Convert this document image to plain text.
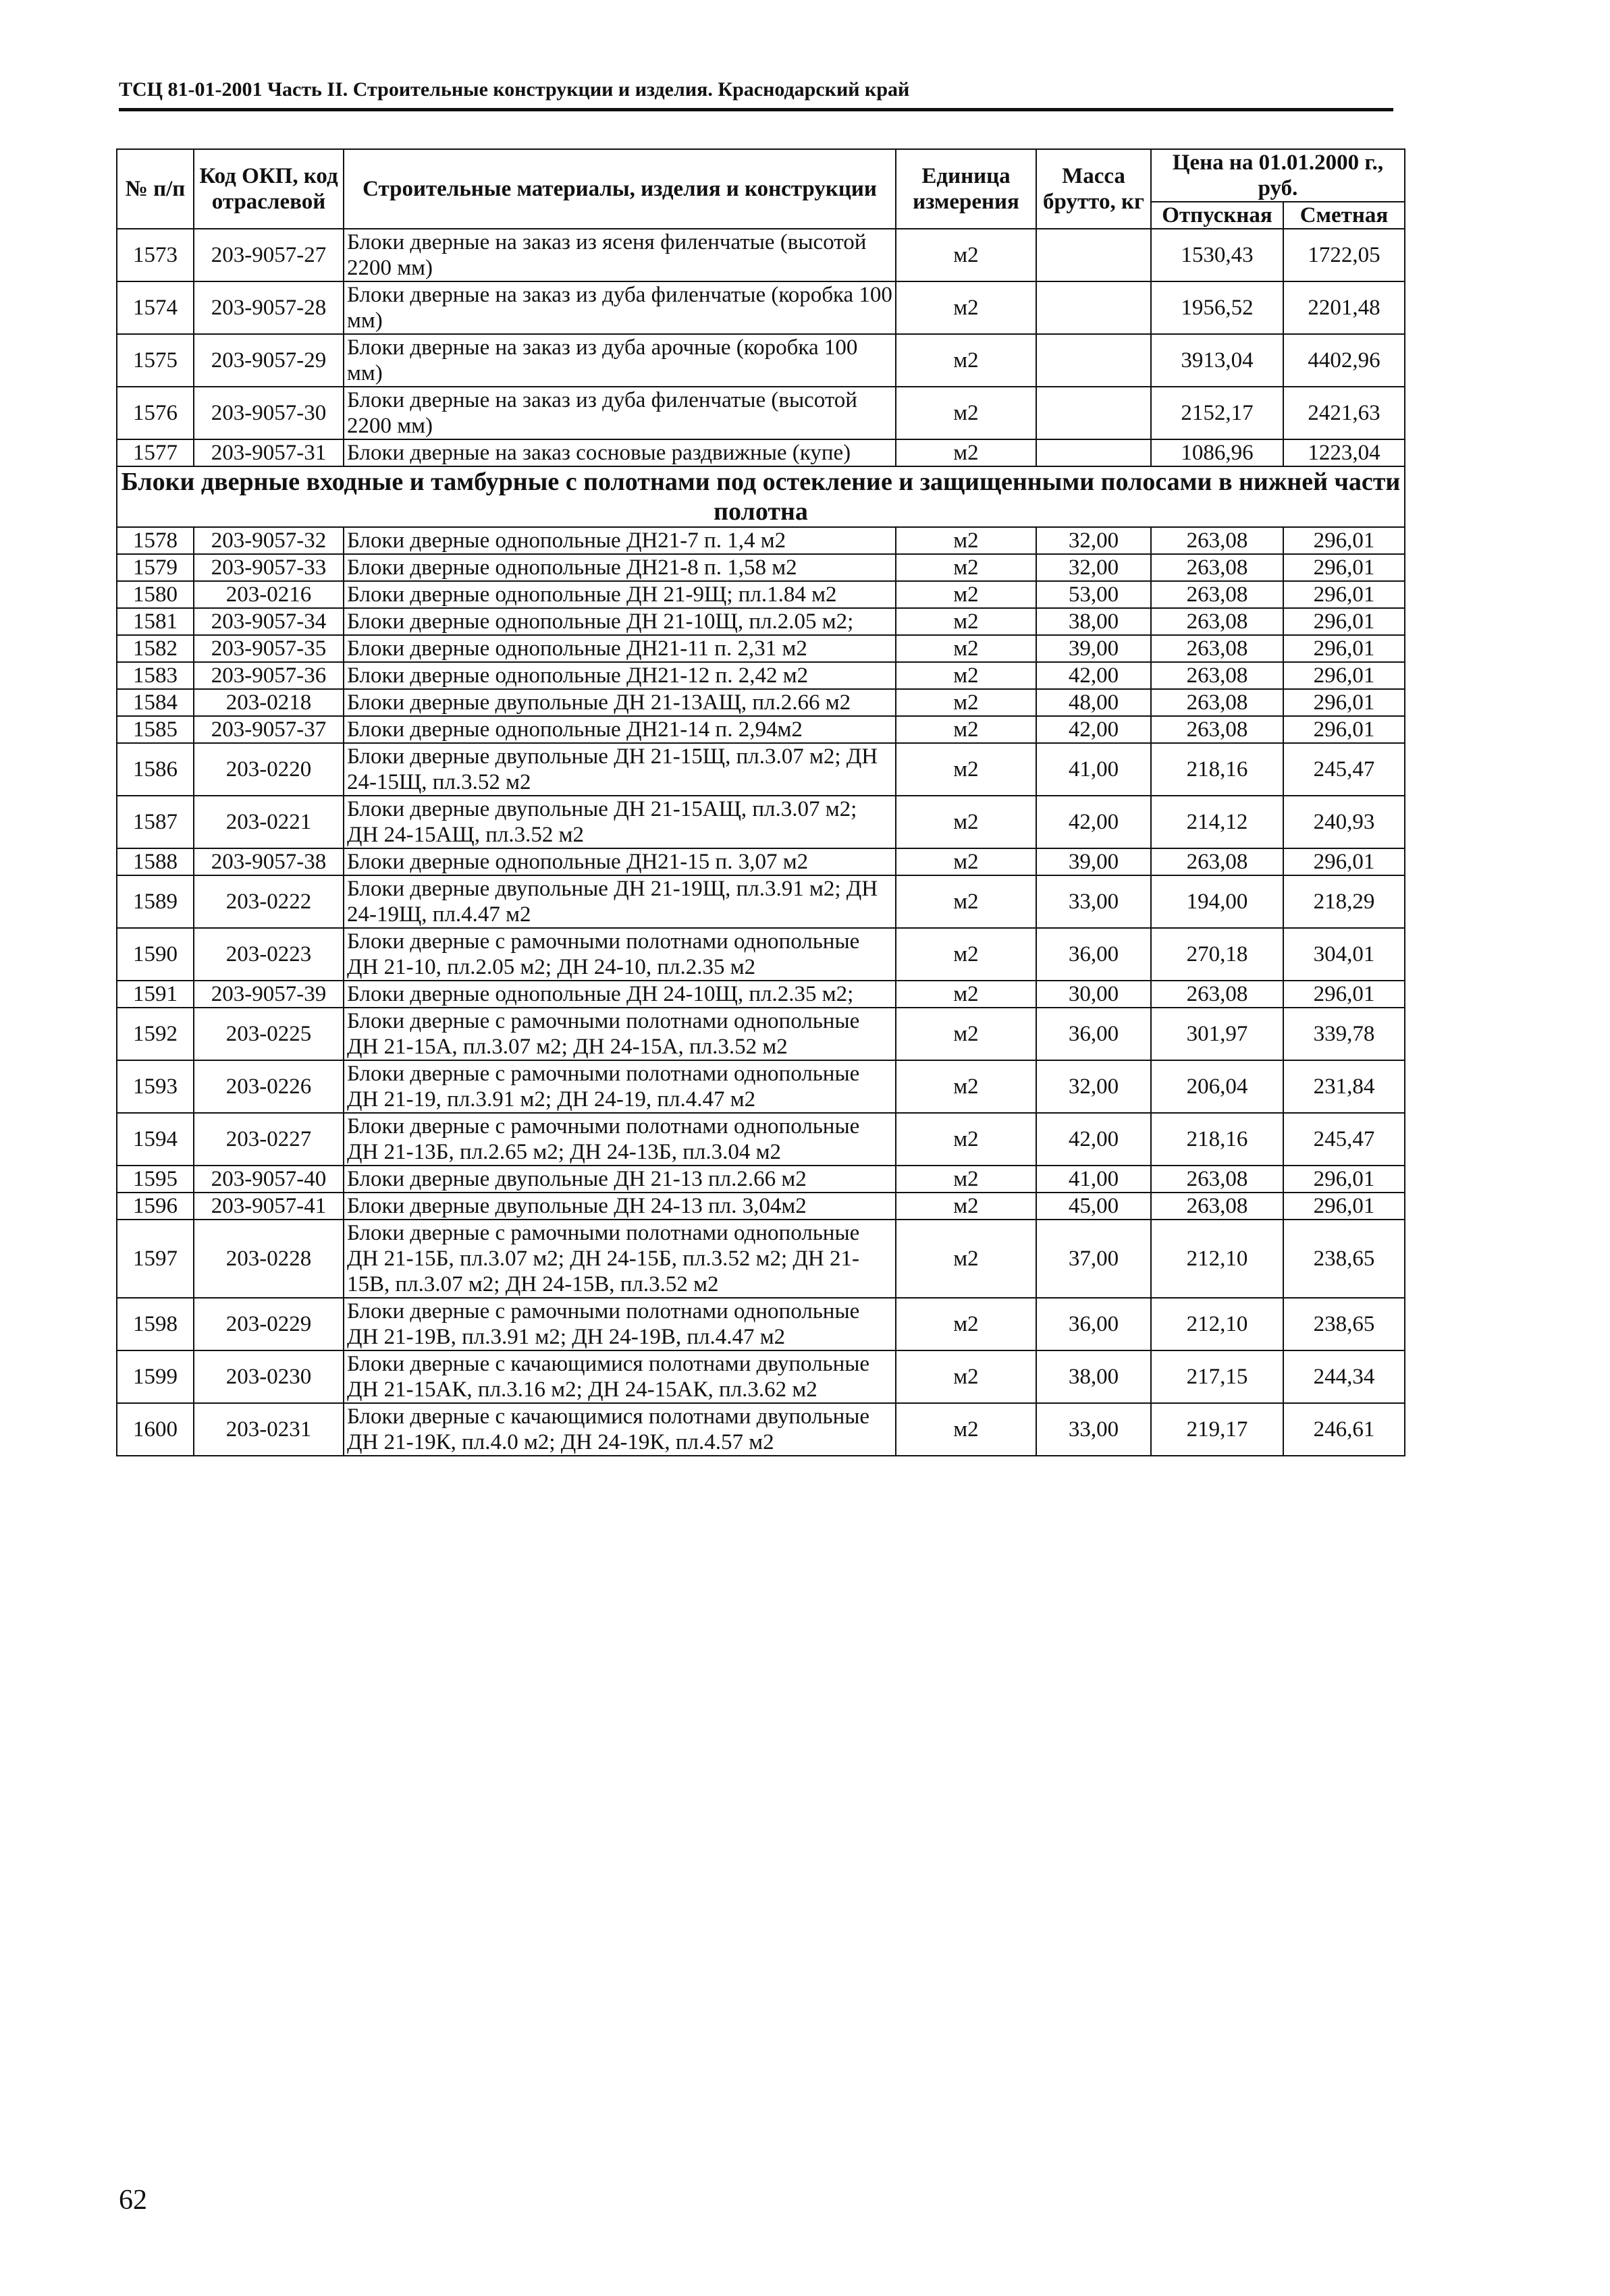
ТСЦ 81-01-2001 Часть II. Строительные конструкции и изделия. Краснодарский край
№ п/п	Код ОКП, код отраслевой	Строительные материалы, изделия и конструкции	Единица измерения	Масса брутто, кг	Цена на 01.01.2000 г., руб.	
					Отпускная	Сметная
1573	203-9057-27	Блоки дверные на заказ из ясеня филенчатые (высотой 2200 мм)	м2		1530,43	1722,05
1574	203-9057-28	Блоки дверные на заказ из дуба филенчатые (коробка 100 мм)	м2		1956,52	2201,48
1575	203-9057-29	Блоки дверные на заказ из дуба арочные (коробка 100 мм)	м2		3913,04	4402,96
1576	203-9057-30	Блоки дверные на заказ из дуба филенчатые (высотой 2200 мм)	м2		2152,17	2421,63
1577	203-9057-31	Блоки дверные на заказ сосновые раздвижные (купе)	м2		1086,96	1223,04
Блоки дверные входные и тамбурные с полотнами под остекление и защищенными полосами в нижней части полотна						
1578	203-9057-32	Блоки дверные однопольные ДН21-7 п. 1,4 м2	м2	32,00	263,08	296,01
1579	203-9057-33	Блоки дверные однопольные ДН21-8 п. 1,58 м2	м2	32,00	263,08	296,01
1580	203-0216	Блоки дверные однопольные ДН 21-9Щ; пл.1.84 м2	м2	53,00	263,08	296,01
1581	203-9057-34	Блоки дверные однопольные ДН 21-10Щ, пл.2.05 м2;	м2	38,00	263,08	296,01
1582	203-9057-35	Блоки дверные однопольные ДН21-11 п. 2,31 м2	м2	39,00	263,08	296,01
1583	203-9057-36	Блоки дверные однопольные ДН21-12 п. 2,42 м2	м2	42,00	263,08	296,01
1584	203-0218	Блоки дверные двупольные ДН 21-13АЩ, пл.2.66 м2	м2	48,00	263,08	296,01
1585	203-9057-37	Блоки дверные однопольные ДН21-14 п. 2,94м2	м2	42,00	263,08	296,01
1586	203-0220	Блоки дверные двупольные ДН 21-15Щ, пл.3.07 м2; ДН 24-15Щ, пл.3.52 м2	м2	41,00	218,16	245,47
1587	203-0221	Блоки дверные двупольные ДН 21-15АЩ, пл.3.07 м2; ДН 24-15АЩ, пл.3.52 м2	м2	42,00	214,12	240,93
1588	203-9057-38	Блоки дверные однопольные ДН21-15 п. 3,07 м2	м2	39,00	263,08	296,01
1589	203-0222	Блоки дверные двупольные ДН 21-19Щ, пл.3.91 м2; ДН 24-19Щ, пл.4.47 м2	м2	33,00	194,00	218,29
1590	203-0223	Блоки дверные с рамочными полотнами однопольные ДН 21-10, пл.2.05 м2; ДН 24-10, пл.2.35 м2	м2	36,00	270,18	304,01
1591	203-9057-39	Блоки дверные однопольные ДН 24-10Щ, пл.2.35 м2;	м2	30,00	263,08	296,01
1592	203-0225	Блоки дверные с рамочными полотнами однопольные ДН 21-15А, пл.3.07 м2; ДН 24-15А, пл.3.52 м2	м2	36,00	301,97	339,78
1593	203-0226	Блоки дверные с рамочными полотнами однопольные ДН 21-19, пл.3.91 м2; ДН 24-19, пл.4.47 м2	м2	32,00	206,04	231,84
1594	203-0227	Блоки дверные с рамочными полотнами однопольные ДН 21-13Б, пл.2.65 м2; ДН 24-13Б, пл.3.04 м2	м2	42,00	218,16	245,47
1595	203-9057-40	Блоки дверные двупольные ДН 21-13 пл.2.66 м2	м2	41,00	263,08	296,01
1596	203-9057-41	Блоки дверные двупольные ДН 24-13 пл. 3,04м2	м2	45,00	263,08	296,01
1597	203-0228	Блоки дверные с рамочными полотнами однопольные ДН 21-15Б, пл.3.07 м2; ДН 24-15Б, пл.3.52 м2; ДН 21-15В, пл.3.07 м2; ДН 24-15В, пл.3.52 м2	м2	37,00	212,10	238,65
1598	203-0229	Блоки дверные с рамочными полотнами однопольные ДН 21-19В, пл.3.91 м2; ДН 24-19В, пл.4.47 м2	м2	36,00	212,10	238,65
1599	203-0230	Блоки дверные с качающимися полотнами двупольные ДН 21-15АК, пл.3.16 м2; ДН 24-15АК, пл.3.62 м2	м2	38,00	217,15	244,34
1600	203-0231	Блоки дверные с качающимися полотнами двупольные ДН 21-19К, пл.4.0 м2; ДН 24-19К, пл.4.57 м2	м2	33,00	219,17	246,61
62
